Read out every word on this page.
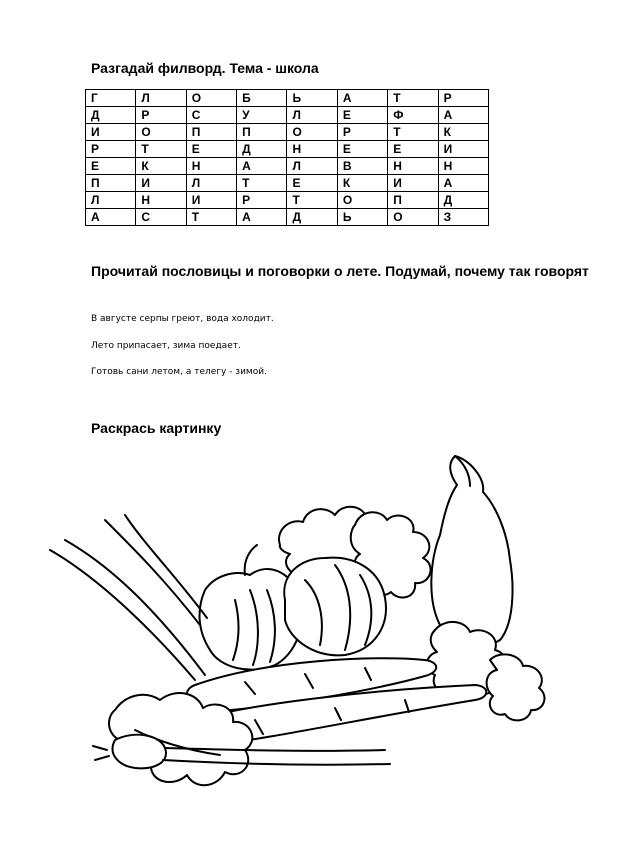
Разгадай филворд. Тема - школа
Г	Л	О	Б	Ь	А	Т	Р
Д	Р	С	У	Л	Е	Ф	А
И	О	П	П	О	Р	Т	К
Р	Т	Е	Д	Н	Е	Е	И
Е	К	Н	А	Л	В	Н	Н
П	И	Л	Т	Е	К	И	А
Л	Н	И	Р	Т	О	П	Д
А	С	Т	А	Д	Ь	О	З
Прочитай пословицы и поговорки о лете. Подумай, почему так говорят

В августе серпы греют, вода холодит.

Лето припасает, зима поедает.

Готовь сани летом, а телегу - зимой.

Раскрась картинку
